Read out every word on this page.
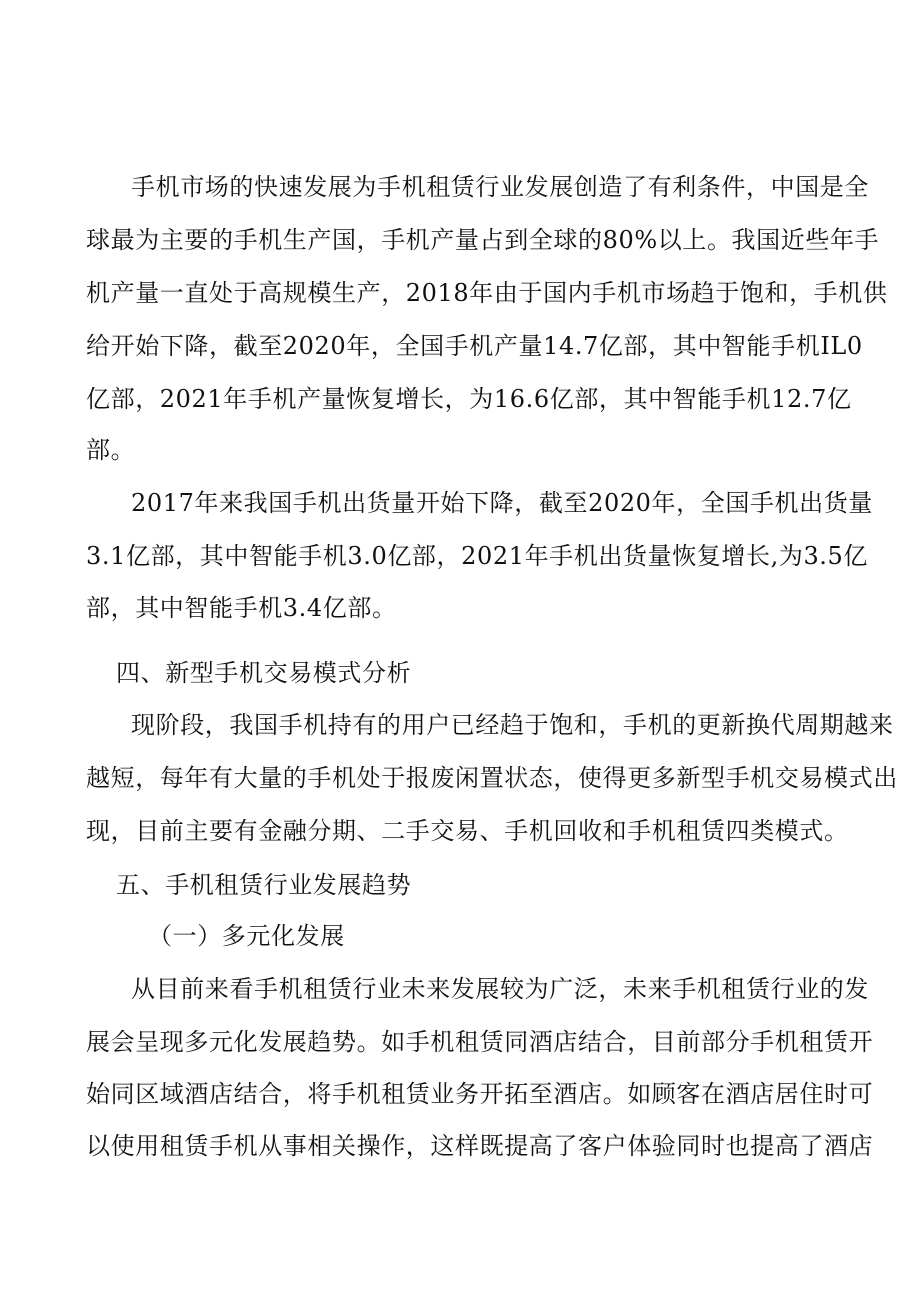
手机市场的快速发展为手机租赁行业发展创造了有利条件，中国是全
球最为主要的手机生产国，手机产量占到全球的80%以上。我国近些年手
机产量一直处于高规模生产，2018年由于国内手机市场趋于饱和，手机供
给开始下降，截至2020年，全国手机产量14.7亿部，其中智能手机IL0
亿部，2021年手机产量恢复增长，为16.6亿部，其中智能手机12.7亿
部。
2017年来我国手机出货量开始下降，截至2020年，全国手机出货量
3.1亿部，其中智能手机3.0亿部，2021年手机出货量恢复增长,为3.5亿
部，其中智能手机3.4亿部。
四、新型手机交易模式分析
现阶段，我国手机持有的用户已经趋于饱和，手机的更新换代周期越来
越短，每年有大量的手机处于报废闲置状态，使得更多新型手机交易模式出
现，目前主要有金融分期、二手交易、手机回收和手机租赁四类模式。
五、手机租赁行业发展趋势
（一）多元化发展
从目前来看手机租赁行业未来发展较为广泛，未来手机租赁行业的发
展会呈现多元化发展趋势。如手机租赁同酒店结合，目前部分手机租赁开
始同区域酒店结合，将手机租赁业务开拓至酒店。如顾客在酒店居住时可
以使用租赁手机从事相关操作，这样既提高了客户体验同时也提高了酒店
